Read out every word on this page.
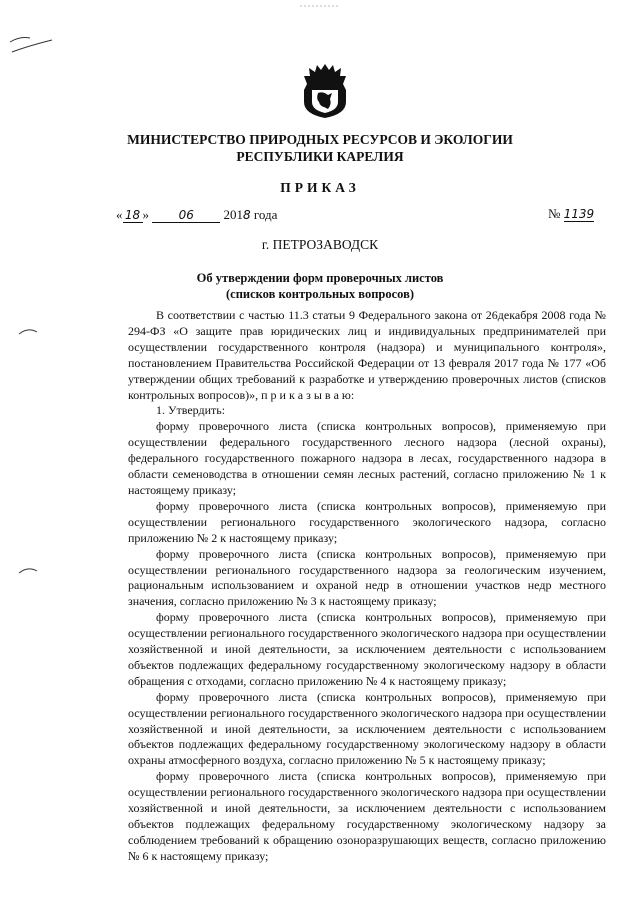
МИНИСТЕРСТВО ПРИРОДНЫХ РЕСУРСОВ И ЭКОЛОГИИ
РЕСПУБЛИКИ КАРЕЛИЯ
ПРИКАЗ
« 18 » 06 2018 года	№ 1139
г. ПЕТРОЗАВОДСК
Об утверждении форм проверочных листов
(списков контрольных вопросов)

В соответствии с частью 11.3 статьи 9 Федерального закона от 26декабря 2008 года № 294-ФЗ «О защите прав юридических лиц и индивидуальных предпринимателей при осуществлении государственного контроля (надзора) и муниципального контроля», постановлением Правительства Российской Федерации от 13 февраля 2017 года № 177 «Об утверждении общих требований к разработке и утверждению проверочных листов (списков контрольных вопросов)», п р и к а з ы в а ю:

1. Утвердить:

форму проверочного листа (списка контрольных вопросов), применяемую при осуществлении федерального государственного лесного надзора (лесной охраны), федерального государственного пожарного надзора в лесах, государственного надзора в области семеноводства в отношении семян лесных растений, согласно приложению № 1 к настоящему приказу;

форму проверочного листа (списка контрольных вопросов), применяемую при осуществлении регионального государственного экологического надзора, согласно приложению № 2 к настоящему приказу;

форму проверочного листа (списка контрольных вопросов), применяемую при осуществлении регионального государственного надзора за геологическим изучением, рациональным использованием и охраной недр в отношении участков недр местного значения, согласно приложению № 3 к настоящему приказу;

форму проверочного листа (списка контрольных вопросов), применяемую при осуществлении регионального государственного экологического надзора при осуществлении хозяйственной и иной деятельности, за исключением деятельности с использованием объектов подлежащих федеральному государственному экологическому надзору в области обращения с отходами, согласно приложению № 4 к настоящему приказу;

форму проверочного листа (списка контрольных вопросов), применяемую при осуществлении регионального государственного экологического надзора при осуществлении хозяйственной и иной деятельности, за исключением деятельности с использованием объектов подлежащих федеральному государственному экологическому надзору в области охраны атмосферного воздуха, согласно приложению № 5 к настоящему приказу;

форму проверочного листа (списка контрольных вопросов), применяемую при осуществлении регионального государственного экологического надзора при осуществлении хозяйственной и иной деятельности, за исключением деятельности с использованием объектов подлежащих федеральному государственному экологическому надзору за соблюдением требований к обращению озоноразрушающих веществ, согласно приложению № 6 к настоящему приказу;
